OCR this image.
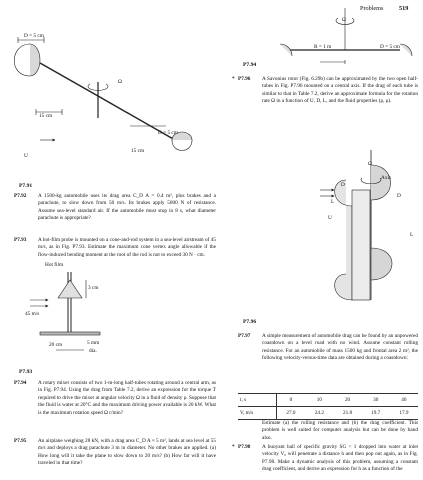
Problems	519
D = 5 cm
Ω
15 cm
D = 5 cm
U
15 cm
P7.91
Hot film
3 cm
45 m/s
20 cm	5 mm
dia.
P7.93
Ω
R = 1 m	D = 5 cm
P7.94
Ω
Axis
D
D
L
L
U
P7.96
P7.92 A 1500-kg automobile uses its drag area C_D A = 0.4 m², plus brakes and a parachute, to slow down from 50 m/s. Its brakes apply 5000 N of resistance. Assume sea-level standard air. If the automobile must stop in 8 s, what diameter parachute is appropriate?

P7.93 A hot-film probe is mounted on a cone-and-rod system in a sea-level airstream of 45 m/s, as in Fig. P7.93. Estimate the maximum cone vertex angle allowable if the flow-induced bending moment at the root of the rod is not to exceed 30 N · cm.

P7.94 A rotary mixer consists of two 1-m-long half-tubes rotating around a central arm, as in Fig. P7.94. Using the drag from Table 7.2, derive an expression for the torque T required to drive the mixer at angular velocity Ω in a fluid of density ρ. Suppose that the fluid is water at 20°C and the maximum driving power available is 20 kW. What is the maximum rotation speed Ω r/min?

P7.95 An airplane weighing 28 kN, with a drag area C_D A ≈ 5 m², lands at sea level at 55 m/s and deploys a drag parachute 3 m in diameter. No other brakes are applied. (a) How long will it take the plane to slow down to 20 m/s? (b) How far will it have traveled in that time?

* P7.96 A Savonius rotor (Fig. 6.29b) can be approximated by the two open half-tubes in Fig. P7.96 mounted on a central axis. If the drag of each tube is similar to that in Table 7.2, derive an approximate formula for the rotation rate Ω in a function of U, D, L, and the fluid properties (ρ, μ).

P7.97 A simple measurement of automobile drag can be found by an unpowered coastdown on a level road with no wind. Assume constant rolling resistance. For an automobile of mass 1500 kg and frontal area 2 m², the following velocity-versus-time data are obtained during a coastdown:

t, s	0	10	20	30	40
V, m/s	27.0	24.2	21.8	19.7	17.9

Estimate (a) the rolling resistance and (b) the drag coefficient. This problem is well suited for computer analysis but can be done by hand also.

* P7.98 A buoyant ball of specific gravity SG < 1 dropped into water at inlet velocity V₀ will penetrate a distance h and then pop out again, as in Fig. P7.98. Make a dynamic analysis of this problem, assuming a constant drag coefficient, and derive an expression for h as a function of the
